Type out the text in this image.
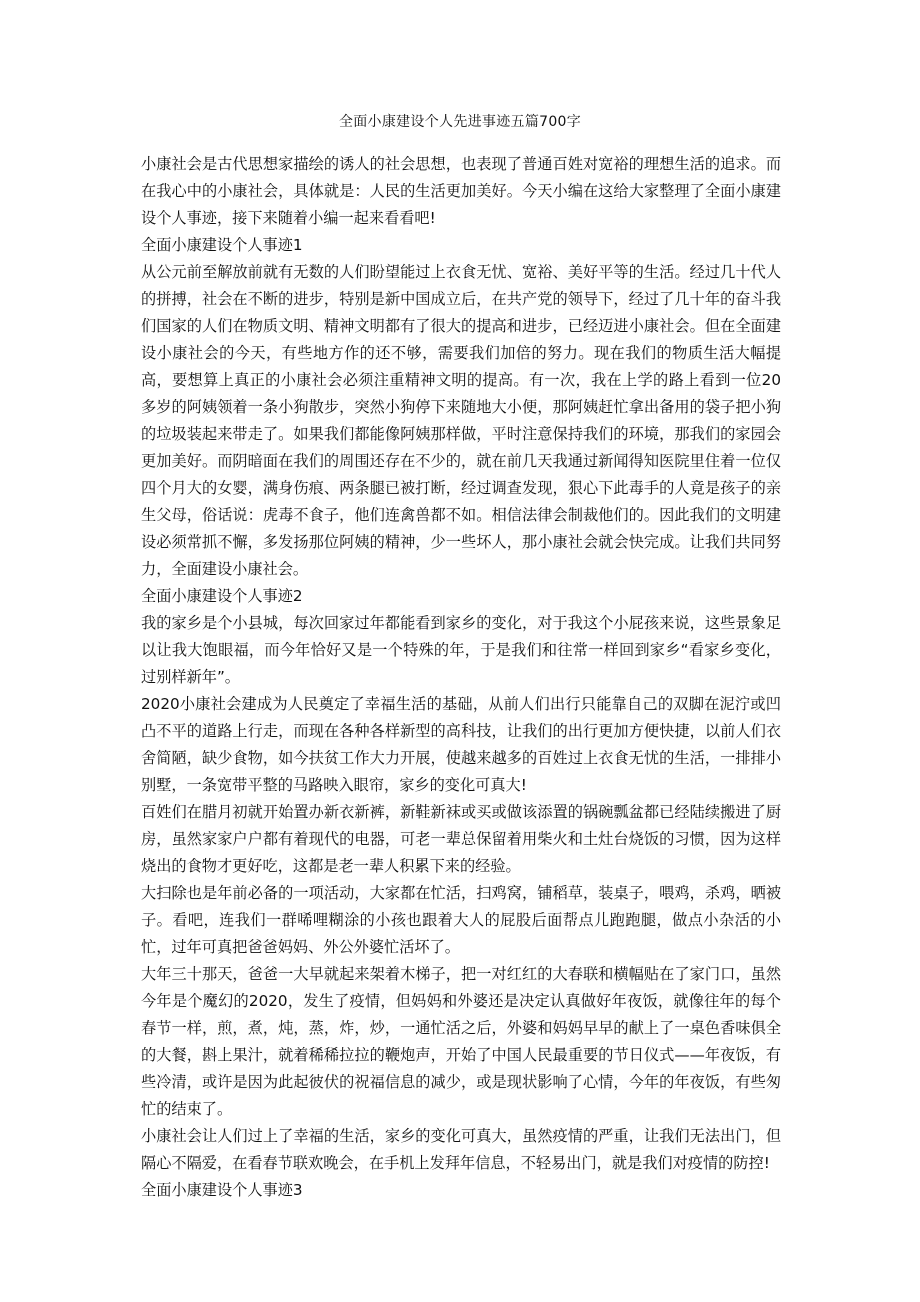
全面小康建设个人先进事迹五篇700字

小康社会是古代思想家描绘的诱人的社会思想，也表现了普通百姓对宽裕的理想生活的追求。而在我心中的小康社会，具体就是：人民的生活更加美好。今天小编在这给大家整理了全面小康建设个人事迹，接下来随着小编一起来看看吧!

全面小康建设个人事迹1

从公元前至解放前就有无数的人们盼望能过上衣食无忧、宽裕、美好平等的生活。经过几十代人的拼搏，社会在不断的进步，特别是新中国成立后，在共产党的领导下，经过了几十年的奋斗我们国家的人们在物质文明、精神文明都有了很大的提高和进步，已经迈进小康社会。但在全面建设小康社会的今天，有些地方作的还不够，需要我们加倍的努力。现在我们的物质生活大幅提高，要想算上真正的小康社会必须注重精神文明的提高。有一次，我在上学的路上看到一位20多岁的阿姨领着一条小狗散步，突然小狗停下来随地大小便，那阿姨赶忙拿出备用的袋子把小狗的垃圾装起来带走了。如果我们都能像阿姨那样做，平时注意保持我们的环境，那我们的家园会更加美好。而阴暗面在我们的周围还存在不少的，就在前几天我通过新闻得知医院里住着一位仅四个月大的女婴，满身伤痕、两条腿已被打断，经过调查发现，狠心下此毒手的人竟是孩子的亲生父母，俗话说：虎毒不食子，他们连禽兽都不如。相信法律会制裁他们的。因此我们的文明建设必须常抓不懈，多发扬那位阿姨的精神，少一些坏人，那小康社会就会快完成。让我们共同努力，全面建设小康社会。

全面小康建设个人事迹2

我的家乡是个小县城，每次回家过年都能看到家乡的变化，对于我这个小屁孩来说，这些景象足以让我大饱眼福，而今年恰好又是一个特殊的年，于是我们和往常一样回到家乡“看家乡变化，过别样新年”。

2020小康社会建成为人民奠定了幸福生活的基础，从前人们出行只能靠自己的双脚在泥泞或凹凸不平的道路上行走，而现在各种各样新型的高科技，让我们的出行更加方便快捷，以前人们衣舍简陋，缺少食物，如今扶贫工作大力开展，使越来越多的百姓过上衣食无忧的生活，一排排小别墅，一条宽带平整的马路映入眼帘，家乡的变化可真大!

百姓们在腊月初就开始置办新衣新裤，新鞋新袜或买或做该添置的锅碗瓢盆都已经陆续搬进了厨房，虽然家家户户都有着现代的电器，可老一辈总保留着用柴火和土灶台烧饭的习惯，因为这样烧出的食物才更好吃，这都是老一辈人积累下来的经验。

大扫除也是年前必备的一项活动，大家都在忙活，扫鸡窝，铺稻草，装桌子，喂鸡，杀鸡，晒被子。看吧，连我们一群唏哩糊涂的小孩也跟着大人的屁股后面帮点儿跑跑腿，做点小杂活的小忙，过年可真把爸爸妈妈、外公外婆忙活坏了。

大年三十那天，爸爸一大早就起来架着木梯子，把一对红红的大春联和横幅贴在了家门口，虽然今年是个魔幻的2020，发生了疫情，但妈妈和外婆还是决定认真做好年夜饭，就像往年的每个春节一样，煎，煮，炖，蒸，炸，炒，一通忙活之后，外婆和妈妈早早的献上了一桌色香味俱全的大餐，斟上果汁，就着稀稀拉拉的鞭炮声，开始了中国人民最重要的节日仪式——年夜饭，有些冷清，或许是因为此起彼伏的祝福信息的减少，或是现状影响了心情，今年的年夜饭，有些匆忙的结束了。

小康社会让人们过上了幸福的生活，家乡的变化可真大，虽然疫情的严重，让我们无法出门，但隔心不隔爱，在看春节联欢晚会，在手机上发拜年信息，不轻易出门，就是我们对疫情的防控!

全面小康建设个人事迹3
